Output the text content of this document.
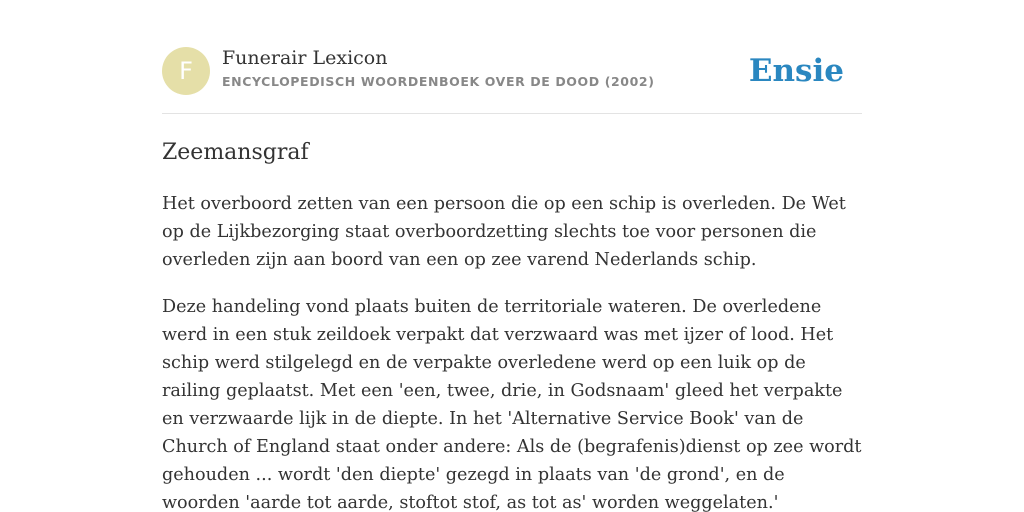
F	Funerair Lexicon
ENCYCLOPEDISCH WOORDENBOEK OVER DE DOOD (2002)	Ensie
Zeemansgraf

Het overboord zetten van een persoon die op een schip is overleden. De Wet op de Lijkbezorging staat overboordzetting slechts toe voor personen die overleden zijn aan boord van een op zee varend Nederlands schip.

Deze handeling vond plaats buiten de territoriale wateren. De overledene werd in een stuk zeildoek verpakt dat verzwaard was met ijzer of lood. Het schip werd stilgelegd en de verpakte overledene werd op een luik op de railing geplaatst. Met een 'een, twee, drie, in Godsnaam' gleed het verpakte en verzwaarde lijk in de diepte. In het 'Alternative Service Book' van de Church of England staat onder andere: Als de (begrafenis)dienst op zee wordt gehouden ... wordt 'den diepte' gezegd in plaats van 'de grond', en de woorden 'aarde tot aarde, stoftot stof, as tot as' worden weggelaten.'
